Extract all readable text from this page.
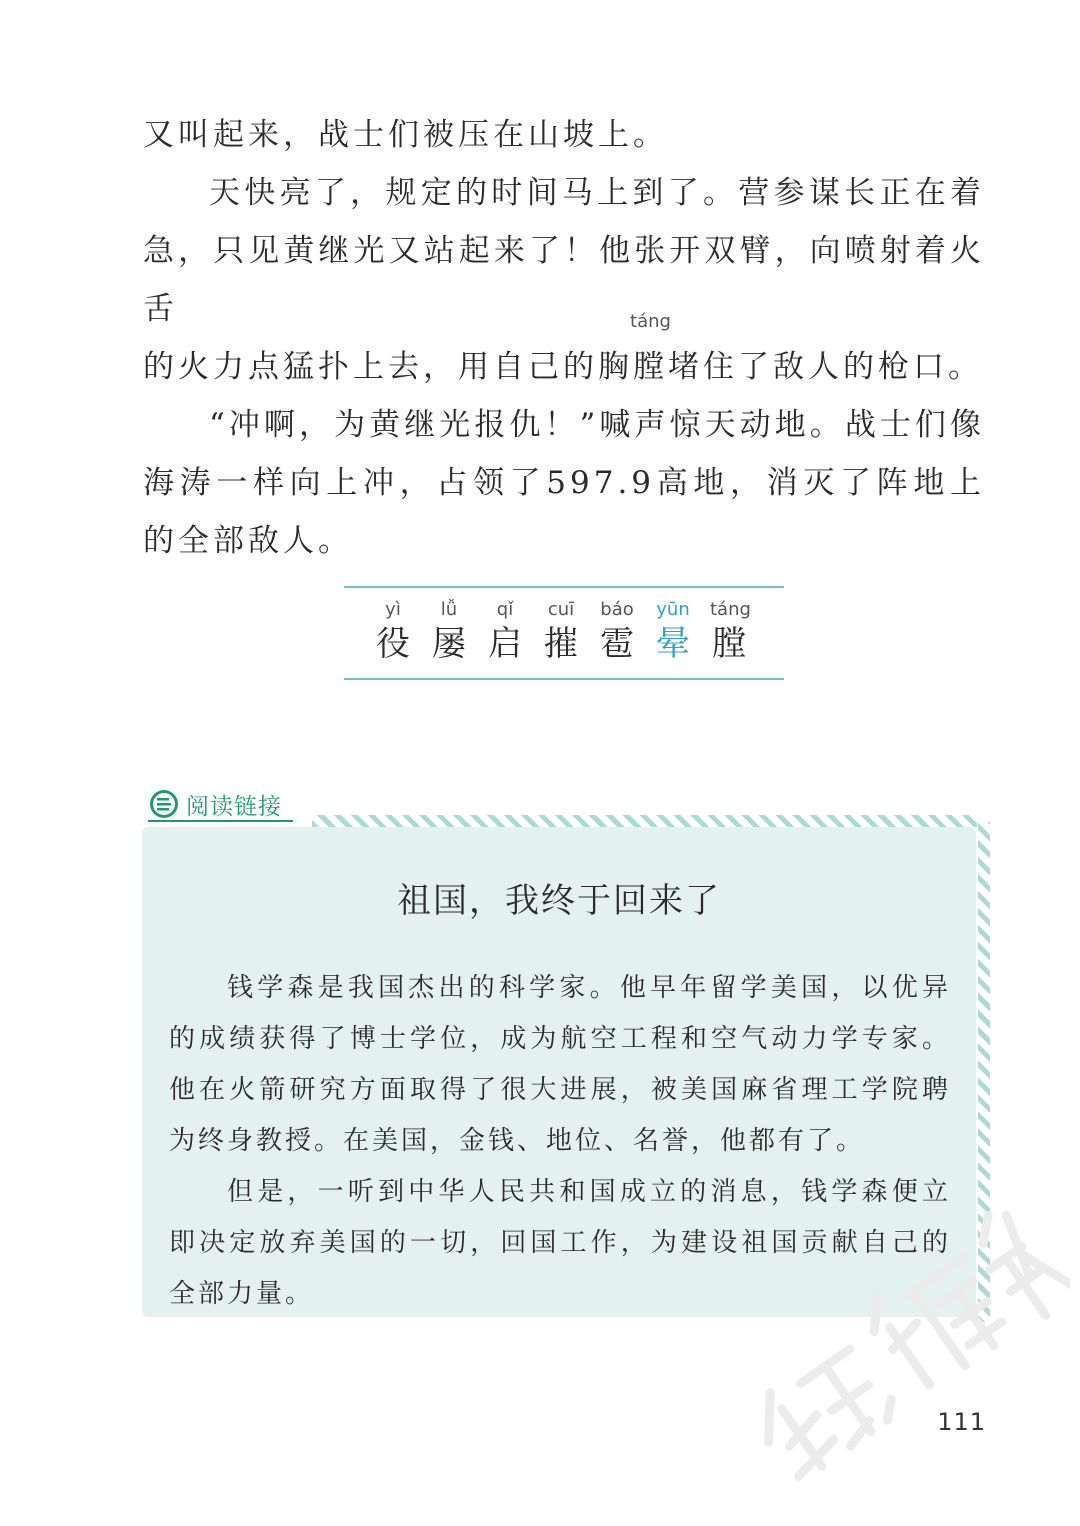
又叫起来，战士们被压在山坡上。

天快亮了，规定的时间马上到了。营参谋长正在着急，只见黄继光又站起来了！他张开双臂，向喷射着火舌

的火力点猛扑上去，用自己的胸
táng
膛堵住了敌人的枪口。

“冲啊，为黄继光报仇！”喊声惊天动地。战士们像海涛一样向上冲，占领了597.9高地，消灭了阵地上的全部敌人。

yì
役
lǚ
屡
qǐ
启
cuī
摧
báo
雹
yūn
晕
táng
膛
阅读链接
祖国，我终于回来了

钱学森是我国杰出的科学家。他早年留学美国，以优异的成绩获得了博士学位，成为航空工程和空气动力学专家。他在火箭研究方面取得了很大进展，被美国麻省理工学院聘为终身教授。在美国，金钱、地位、名誉，他都有了。

但是，一听到中华人民共和国成立的消息，钱学森便立即决定放弃美国的一切，回国工作，为建设祖国贡献自己的全部力量。

111
